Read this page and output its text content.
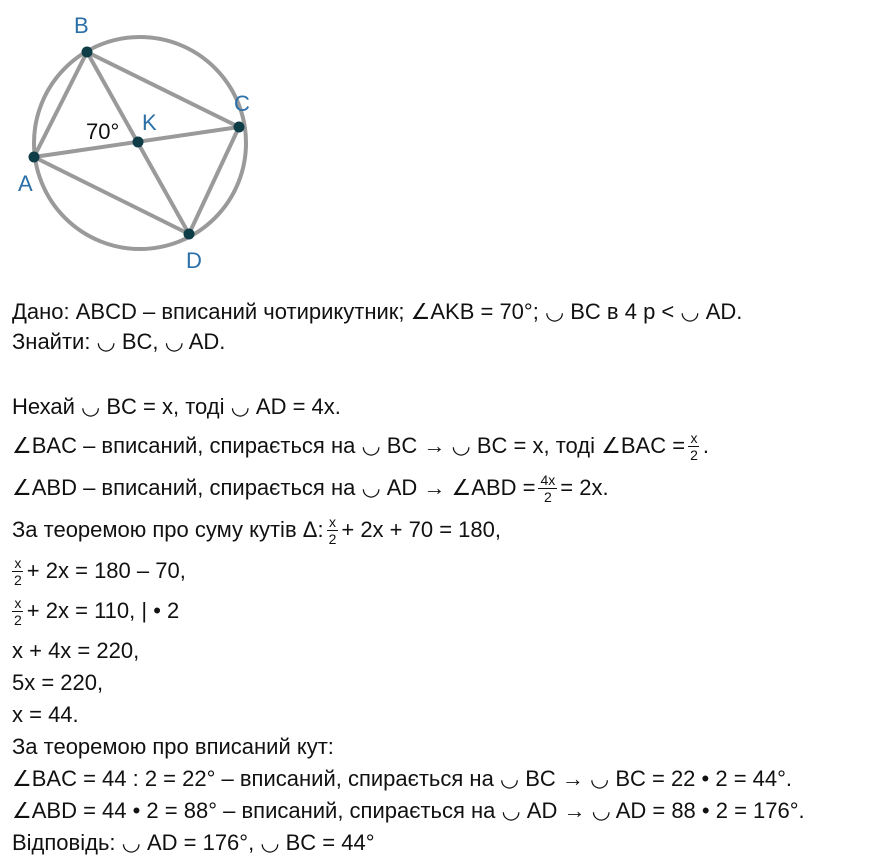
A
B
C
D
K
70°
Дано: ABCD – вписаний чотирикутник; ∠AKB = 70°; ◡ BC в 4 р < ◡ AD.
Знайти: ◡ BC, ◡ AD.
Нехай ◡ BC = x, тоді ◡ AD = 4x.
∠BAC – вписаний, спирається на ◡ BC → ◡ BC = x, тоді ∠BAC = $\frac{x}{2}$ .
∠ABD – вписаний, спирається на ◡ AD → ∠ABD = $\frac{4x}{2} = 2x$.
За теоремою про суму кутів Δ: $\frac{x}{2} + 2x + 70 = 180$,
$\frac{x}{2} + 2x = 180 - 70$,
$\frac{x}{2} + 2x = 110$, | • 2
x + 4x = 220,
5x = 220,
x = 44.
За теоремою про вписаний кут:
∠BAC = 44 : 2 = 22° – вписаний, спирається на ◡ BC → ◡ BC = 22 • 2 = 44°.
∠ABD = 44 • 2 = 88° – вписаний, спирається на ◡ AD → ◡ AD = 88 • 2 = 176°.
Відповідь: ◡ AD = 176°, ◡ BC = 44°
